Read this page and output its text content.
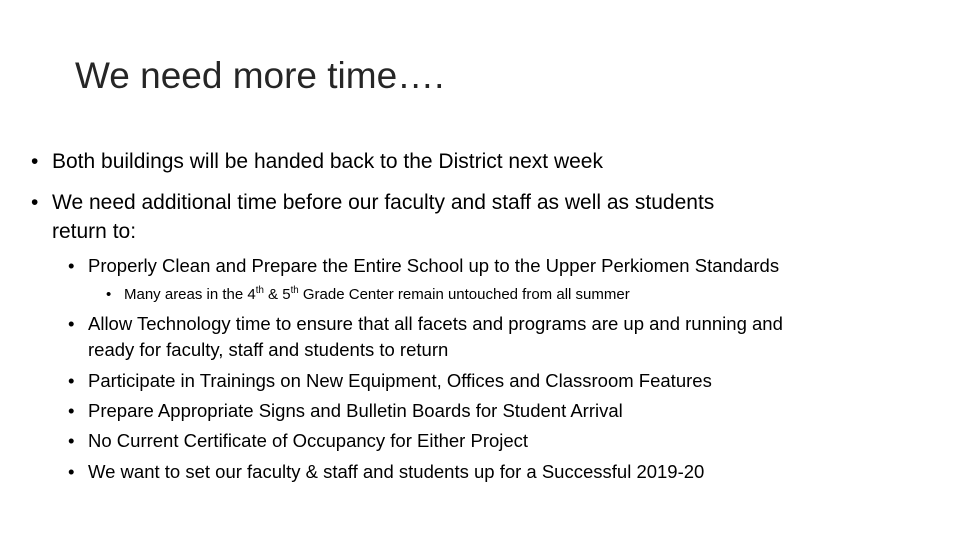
We need more time….
• Both buildings will be handed back to the District next week
• We need additional time before our faculty and staff as well as students
return to:
• Properly Clean and Prepare the Entire School up to the Upper Perkiomen Standards
• Many areas in the 4th & 5th Grade Center remain untouched from all summer
• Allow Technology time to ensure that all facets and programs are up and running and
ready for faculty, staff and students to return
• Participate in Trainings on New Equipment, Offices and Classroom Features
• Prepare Appropriate Signs and Bulletin Boards for Student Arrival
• No Current Certificate of Occupancy for Either Project
• We want to set our faculty & staff and students up for a Successful 2019-20
